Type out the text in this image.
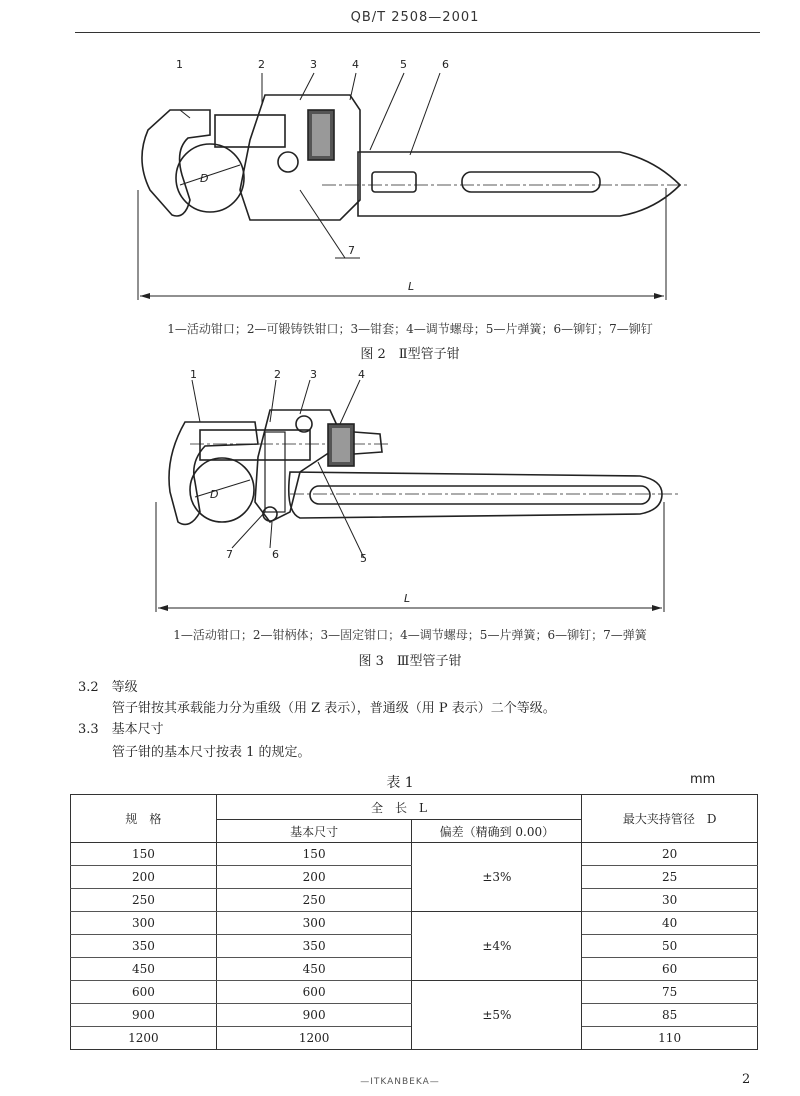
QB/T 2508—2001
1	2	3	4	5	6
7
D
L
1—活动钳口；2—可锻铸铁钳口；3—钳套；4—调节螺母；5—片弹簧；6—铆钉；7—铆钉
图 2　Ⅱ型管子钳
1	2	3	4
5
6
7
D
L
1—活动钳口；2—钳柄体；3—固定钳口；4—调节螺母；5—片弹簧；6—铆钉；7—弹簧
图 3　Ⅲ型管子钳
3.2　等级
管子钳按其承载能力分为重级（用 Z 表示），普通级（用 P 表示）二个等级。
3.3　基本尺寸
管子钳的基本尺寸按表 1 的规定。
表 1	mm
规　格	全　长　L		最大夹持管径　D
	基本尺寸	偏差（精确到 0.00）	
150	150	±3%	20
200	200		25
250	250		30
300	300	±4%	40
350	350		50
450	450		60
600	600	±5%	75
900	900		85
1200	1200		110
—ITKANBEKA—	2
